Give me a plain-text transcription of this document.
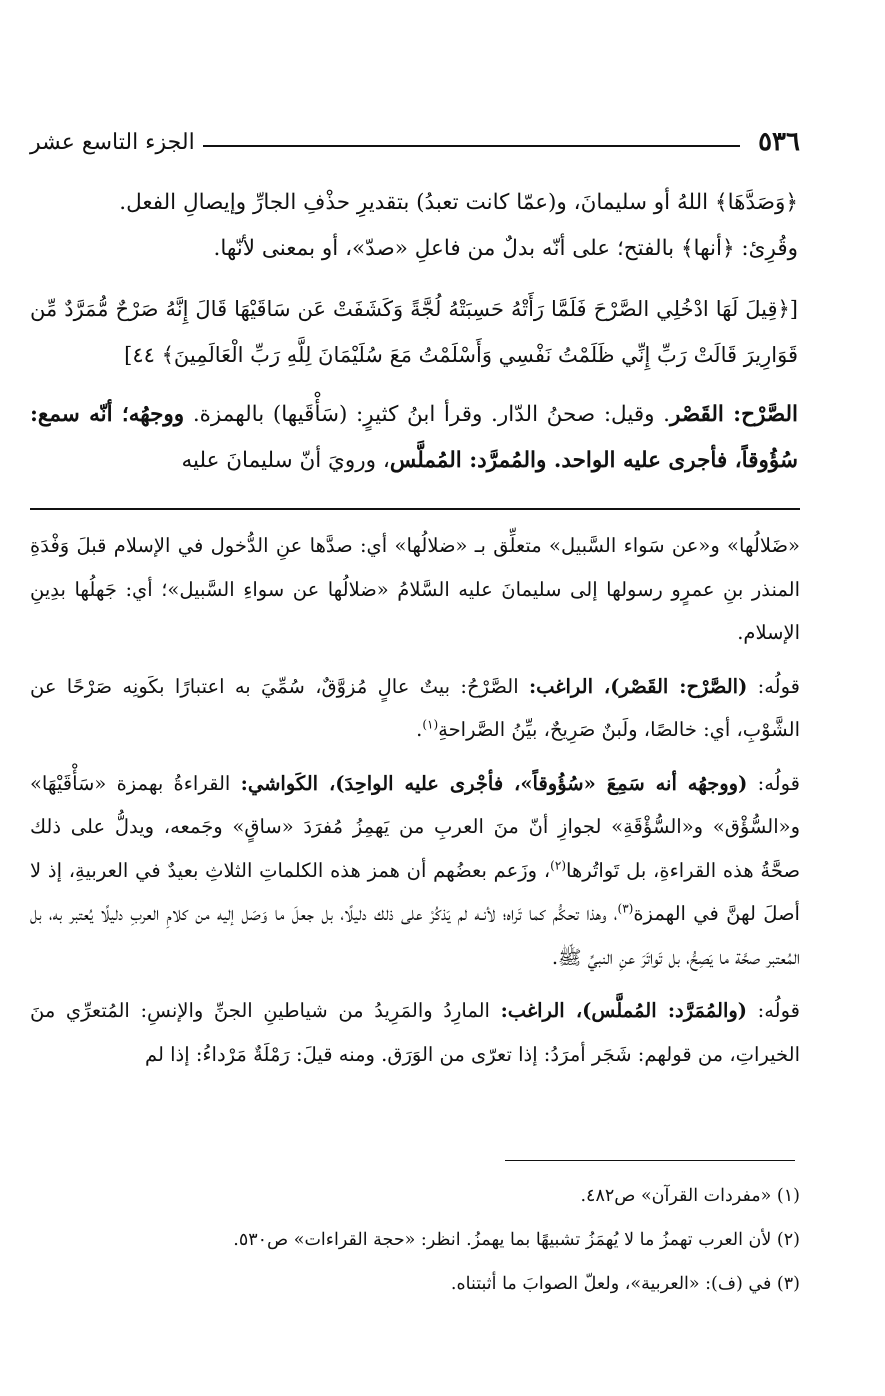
٥٣٦
الجزء التاسع عشر

﴿وَصَدَّهَا﴾ اللهُ أو سليمانَ، و(عمّا كانت تعبدُ) بتقديرِ حذْفِ الجارِّ وإيصالِ الفعل.

وقُرِئ: ﴿أنها﴾ بالفتح؛ على أنّه بدلٌ من فاعلِ «صدّ»، أو بمعنى لأنّها.

[﴿قِيلَ لَهَا ادْخُلِي الصَّرْحَ فَلَمَّا رَأَتْهُ حَسِبَتْهُ لُجَّةً وَكَشَفَتْ عَن سَاقَيْهَا قَالَ إِنَّهُ صَرْحٌ مُّمَرَّدٌ مِّن قَوَارِيرَ قَالَتْ رَبِّ إِنِّي ظَلَمْتُ نَفْسِي وَأَسْلَمْتُ مَعَ سُلَيْمَانَ لِلَّهِ رَبِّ الْعَالَمِينَ﴾ ٤٤]

الصَّرْح: القَصْر. وقيل: صحنُ الدّار. وقرأ ابنُ كثيرٍ: (سَأْقَيها) بالهمزة. ووجهُه؛ أنّه سمع: سُؤُوقاً، فأجرى عليه الواحد. والمُمرَّد: المُملَّس، ورويَ أنّ سليمانَ عليه

«ضَلالُها» و«عن سَواء السَّبيل» متعلِّق بـ «ضلالُها» أي: صدَّها عنِ الدُّخول في الإسلام قبلَ وَفْدَةِ المنذر بنِ عمرٍو رسولها إلى سليمانَ عليه السَّلامُ «ضلالُها عن سواءِ السَّبيل»؛ أي: جَهلُها بدِينِ الإسلام.

قولُه: (الصَّرْح: القَصْر)، الراغب: الصَّرْحُ: بيتٌ عالٍ مُزوَّقٌ، سُمِّيَ به اعتبارًا بكَونِه صَرْحًا عن الشَّوْبِ، أي: خالصًا، ولَبنٌ صَرِيحٌ، بيِّنُ الصَّراحةِ$^{(١)}$.

قولُه: (ووجهُه أنه سَمِعَ «سُؤُوقاً»، فأجْرى عليه الواحِدَ)، الكَواشي: القراءةُ بهمزة «سَأْقَيْهَا» و«السُّؤْق» و«السُّؤْقَةِ» لجوازِ أنّ منَ العربِ من يَهمِزُ مُفرَدَ «ساقٍ» وجَمعه، ويدلُّ على ذلك صحَّةُ هذه القراءةِ، بل تَواتُرها$^{(٢)}$، وزَعم بعضُهم أن همز هذه الكلماتِ الثلاثِ بعيدٌ في العربيةِ، إذ لا أصلَ لهنَّ في الهمزة$^{(٣)}$، وهذا تحكُّم كما تَراه؛ لأنـه لم يَذكُرْ على ذلك دليلًا، بل جعلَ ما وَصَل إليه من كلامِ العربِ دليلًا يُعتبر به، بل المُعتبر صحَّة ما يَصِحُّ، بل تَواتَرَ عنِ النبيِّ ﷺ.

قولُه: (والمُمَرَّد: المُملَّس)، الراغب: المارِدُ والمَرِيدُ من شياطينِ الجنِّ والإنسِ: المُتعرِّي منَ الخيراتِ، من قولهم: شَجَر أمرَدُ: إذا تعرّى من الوَرَق. ومنه قيلَ: رَمْلَةٌ مَرْداءُ: إذا لم

(١) «مفردات القرآن» ص٤٨٢.

(٢) لأن العرب تهمزُ ما لا يُهمَزُ تشبيهًا بما يهمزُ. انظر: «حجة القراءات» ص٥٣٠.

(٣) في (ف): «العربية»، ولعلّ الصوابَ ما أثبتناه.
